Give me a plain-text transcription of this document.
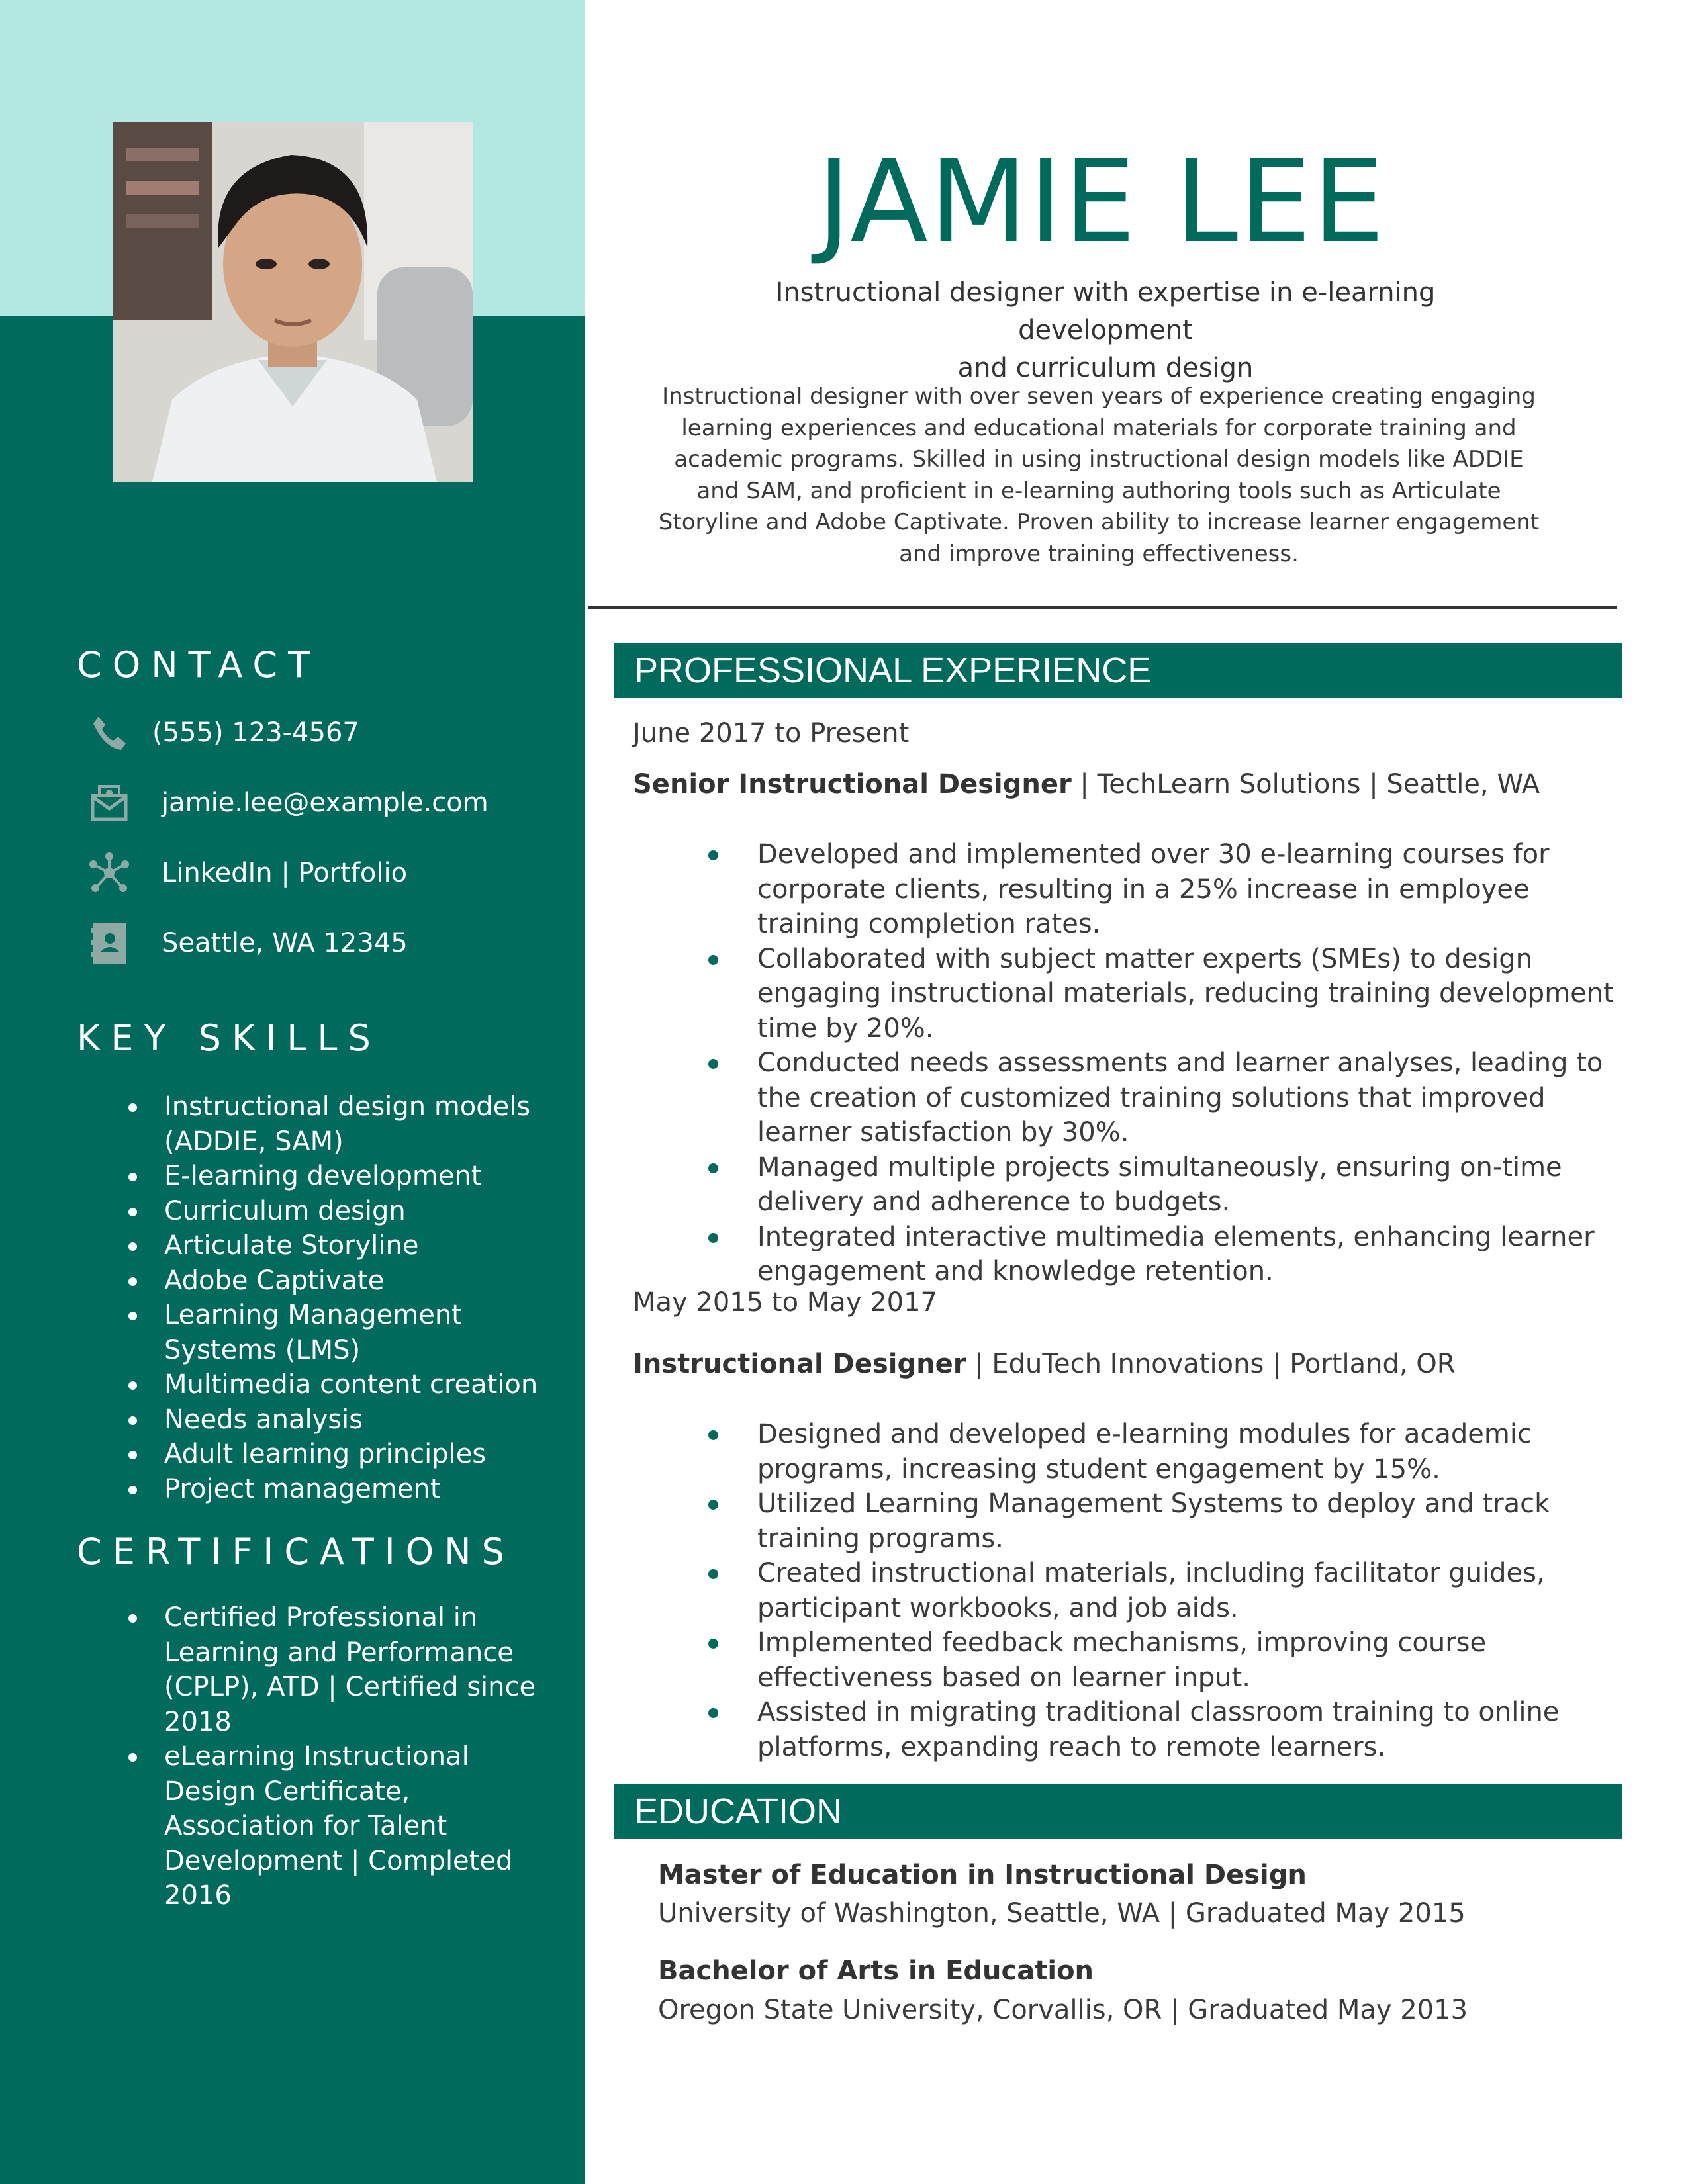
CONTACT
(555) 123-4567
jamie.lee@example.com
LinkedIn | Portfolio
Seattle, WA 12345
KEY SKILLS
Instructional design models (ADDIE, SAM)
E-learning development
Curriculum design
Articulate Storyline
Adobe Captivate
Learning Management Systems (LMS)
Multimedia content creation
Needs analysis
Adult learning principles
Project management
CERTIFICATIONS
Certified Professional in Learning and Performance (CPLP), ATD | Certified since 2018
eLearning Instructional Design Certificate, Association for Talent Development | Completed 2016
JAMIE LEE

Instructional designer with expertise in e-learning development
and curriculum design

Instructional designer with over seven years of experience creating engaging learning experiences and educational materials for corporate training and academic programs. Skilled in using instructional design models like ADDIE and SAM, and proficient in e-learning authoring tools such as Articulate Storyline and Adobe Captivate. Proven ability to increase learner engagement and improve training effectiveness.

PROFESSIONAL EXPERIENCE
June 2017 to Present
Senior Instructional Designer | TechLearn Solutions | Seattle, WA
Developed and implemented over 30 e-learning courses for corporate clients, resulting in a 25% increase in employee training completion rates.
Collaborated with subject matter experts (SMEs) to design engaging instructional materials, reducing training development time by 20%.
Conducted needs assessments and learner analyses, leading to the creation of customized training solutions that improved learner satisfaction by 30%.
Managed multiple projects simultaneously, ensuring on-time delivery and adherence to budgets.
Integrated interactive multimedia elements, enhancing learner engagement and knowledge retention.
May 2015 to May 2017
Instructional Designer | EduTech Innovations | Portland, OR
Designed and developed e-learning modules for academic programs, increasing student engagement by 15%.
Utilized Learning Management Systems to deploy and track training programs.
Created instructional materials, including facilitator guides, participant workbooks, and job aids.
Implemented feedback mechanisms, improving course effectiveness based on learner input.
Assisted in migrating traditional classroom training to online platforms, expanding reach to remote learners.
EDUCATION
Master of Education in Instructional Design
University of Washington, Seattle, WA | Graduated May 2015
Bachelor of Arts in Education
Oregon State University, Corvallis, OR | Graduated May 2013
